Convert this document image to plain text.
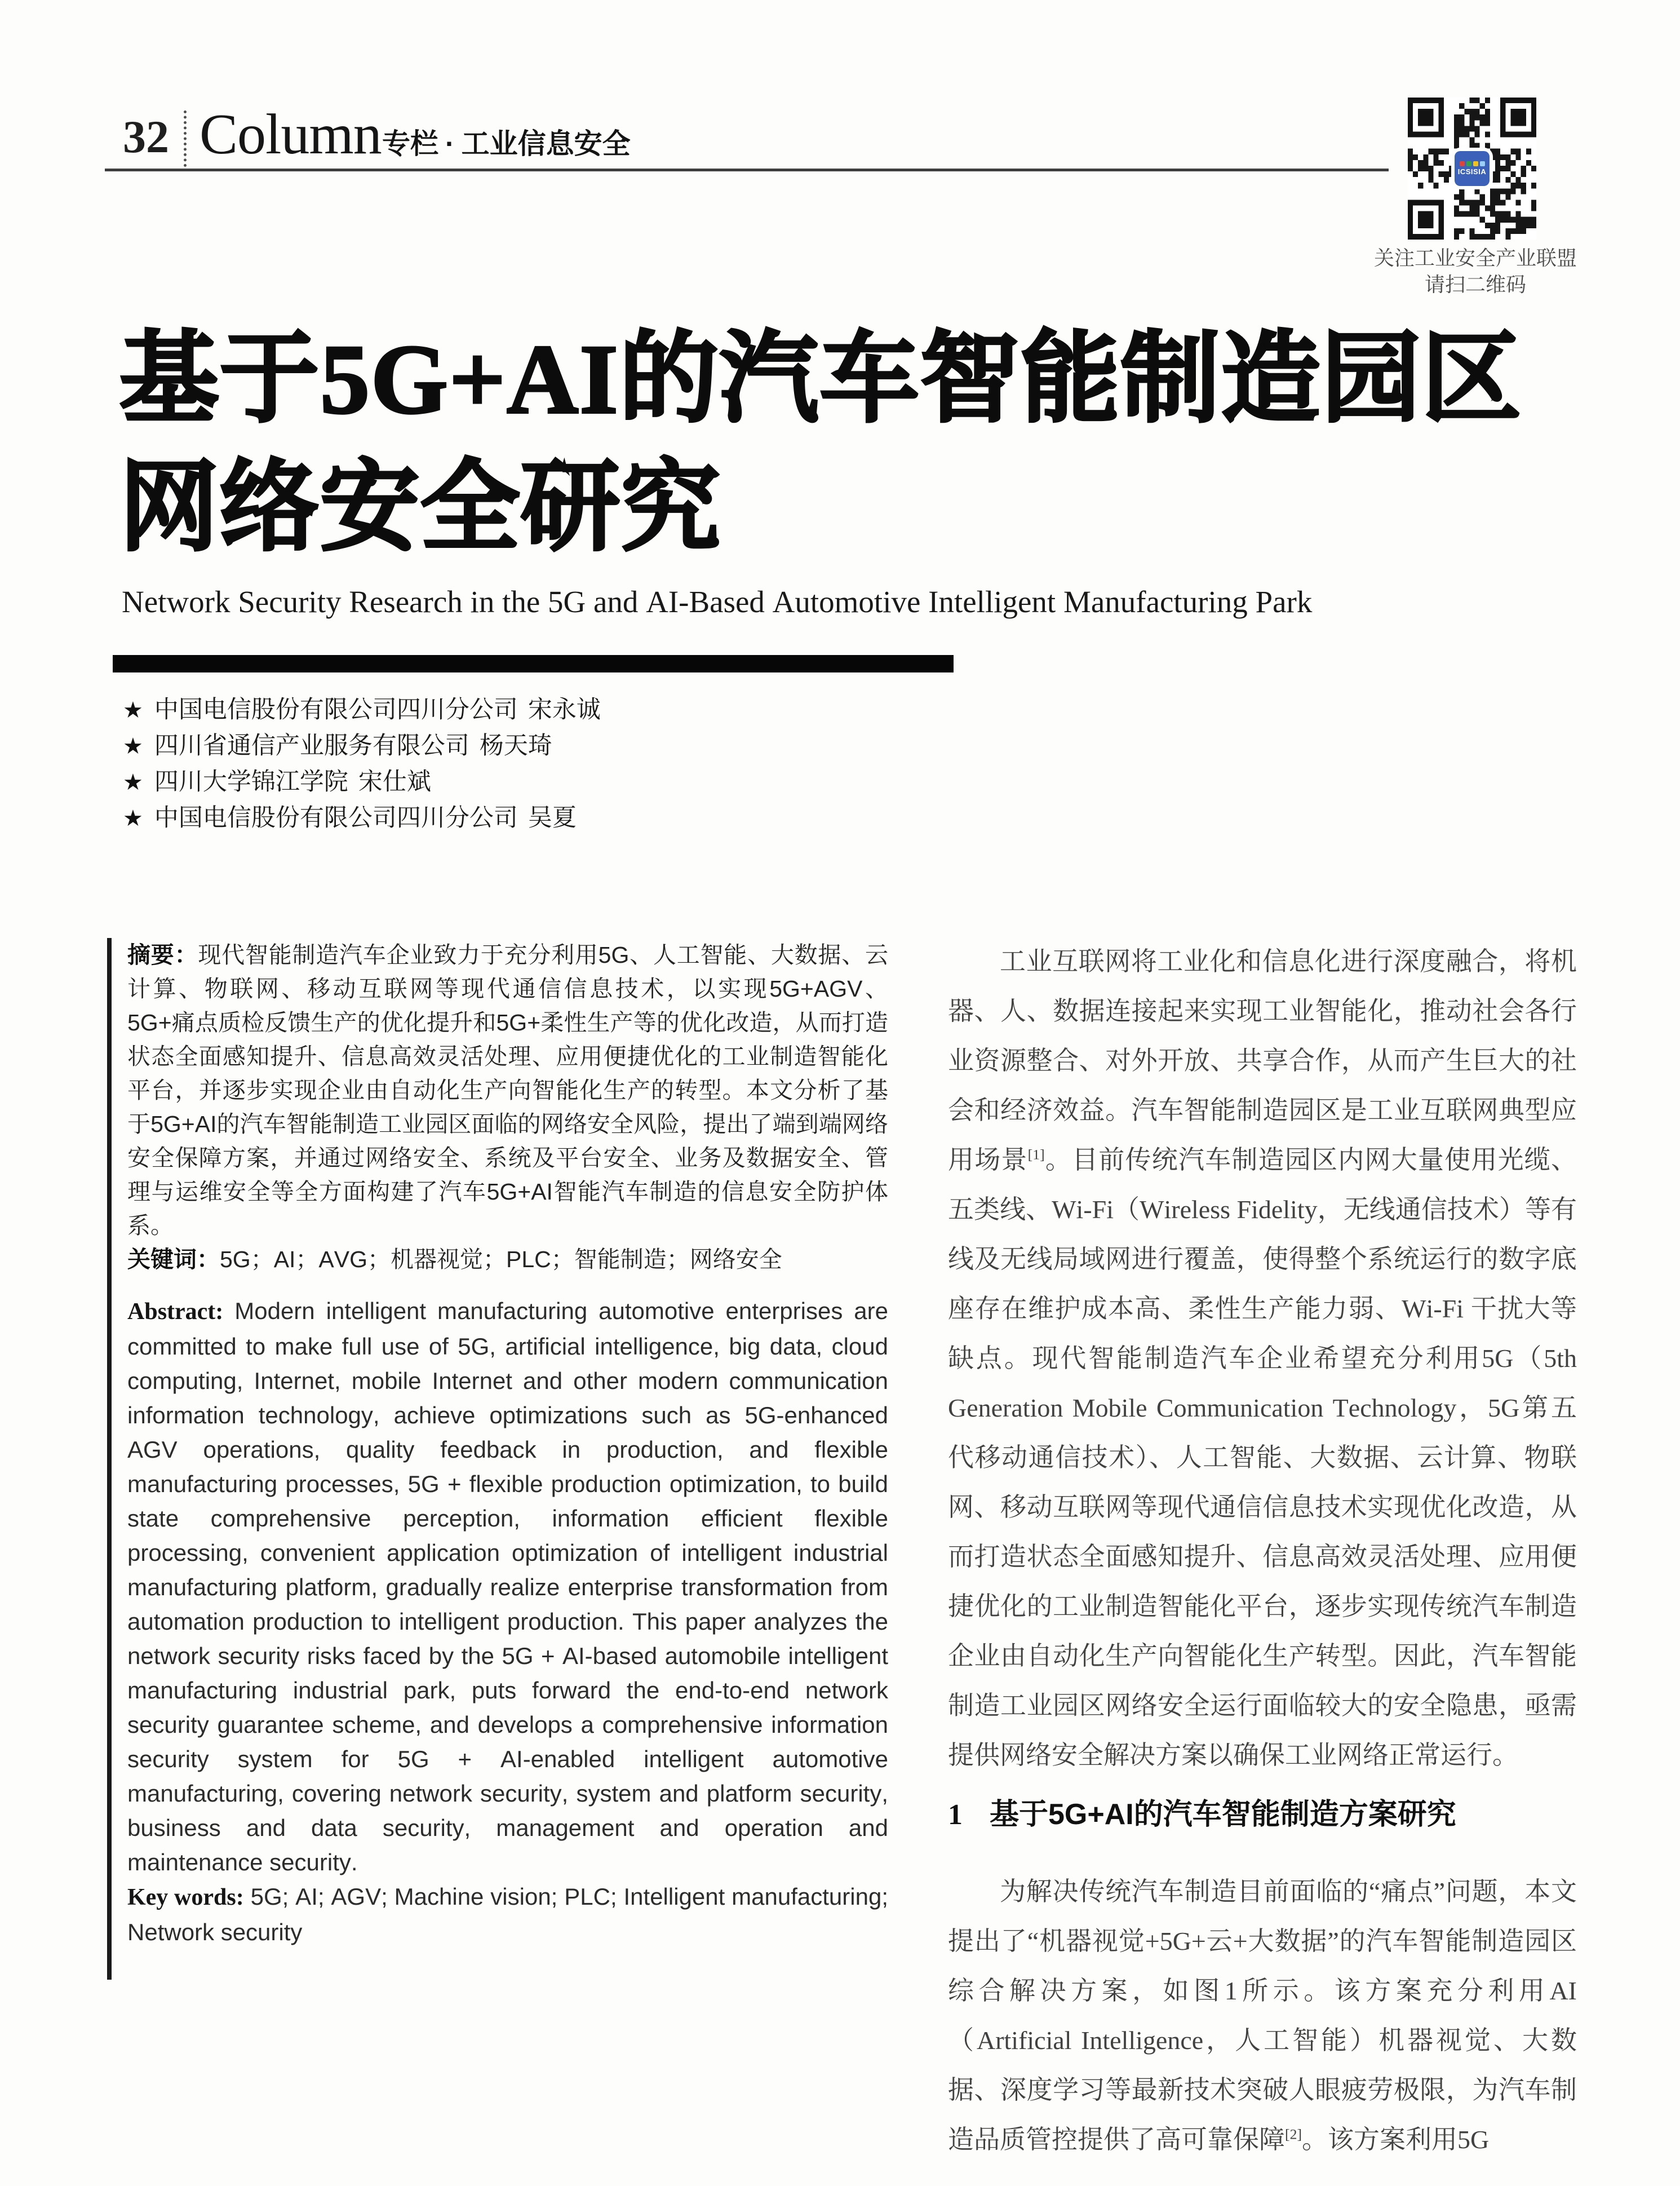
32 Column 专栏 · 工业信息安全
ICSISIA
关注工业安全产业联盟
请扫二维码
基于5G+AI的汽车智能制造园区
网络安全研究
Network Security Research in the 5G and AI-Based Automotive Intelligent Manufacturing Park
★ 中国电信股份有限公司四川分公司 宋永诚
★ 四川省通信产业服务有限公司 杨天琦
★ 四川大学锦江学院 宋仕斌
★ 中国电信股份有限公司四川分公司 吴夏

摘要：现代智能制造汽车企业致力于充分利用5G、人工智能、大数据、云计算、物联网、移动互联网等现代通信信息技术，以实现5G+AGV、5G+痛点质检反馈生产的优化提升和5G+柔性生产等的优化改造，从而打造状态全面感知提升、信息高效灵活处理、应用便捷优化的工业制造智能化平台，并逐步实现企业由自动化生产向智能化生产的转型。本文分析了基于5G+AI的汽车智能制造工业园区面临的网络安全风险，提出了端到端网络安全保障方案，并通过网络安全、系统及平台安全、业务及数据安全、管理与运维安全等全方面构建了汽车5G+AI智能汽车制造的信息安全防护体系。

关键词：5G；AI；AVG；机器视觉；PLC；智能制造；网络安全

Abstract: Modern intelligent manufacturing automotive enterprises are committed to make full use of 5G, artificial intelligence, big data, cloud computing, Internet, mobile Internet and other modern communication information technology, achieve optimizations such as 5G-enhanced AGV operations, quality feedback in production, and flexible manufacturing processes, 5G + flexible production optimization, to build state comprehensive perception, information efficient flexible processing, convenient application optimization of intelligent industrial manufacturing platform, gradually realize enterprise transformation from automation production to intelligent production. This paper analyzes the network security risks faced by the 5G + AI-based automobile intelligent manufacturing industrial park, puts forward the end-to-end network security guarantee scheme, and develops a comprehensive information security system for 5G + AI-enabled intelligent automotive manufacturing, covering network security, system and platform security, business and data security, management and operation and maintenance security.

Key words: 5G; AI; AGV; Machine vision; PLC; Intelligent manufacturing; Network security

工业互联网将工业化和信息化进行深度融合，将机器、人、数据连接起来实现工业智能化，推动社会各行业资源整合、对外开放、共享合作，从而产生巨大的社会和经济效益。汽车智能制造园区是工业互联网典型应用场景[1]。目前传统汽车制造园区内网大量使用光缆、五类线、Wi-Fi（Wireless Fidelity，无线通信技术）等有线及无线局域网进行覆盖，使得整个系统运行的数字底座存在维护成本高、柔性生产能力弱、Wi-Fi 干扰大等缺点。现代智能制造汽车企业希望充分利用5G（5th Generation Mobile Communication Technology，5G第五代移动通信技术）、人工智能、大数据、云计算、物联网、移动互联网等现代通信信息技术实现优化改造，从而打造状态全面感知提升、信息高效灵活处理、应用便捷优化的工业制造智能化平台，逐步实现传统汽车制造企业由自动化生产向智能化生产转型。因此，汽车智能制造工业园区网络安全运行面临较大的安全隐患，亟需提供网络安全解决方案以确保工业网络正常运行。

1 基于5G+AI的汽车智能制造方案研究

为解决传统汽车制造目前面临的“痛点”问题，本文提出了“机器视觉+5G+云+大数据”的汽车智能制造园区综合解决方案，如图1所示。该方案充分利用AI（Artificial Intelligence，人工智能）机器视觉、大数据、深度学习等最新技术突破人眼疲劳极限，为汽车制造品质管控提供了高可靠保障[2]。该方案利用5G
